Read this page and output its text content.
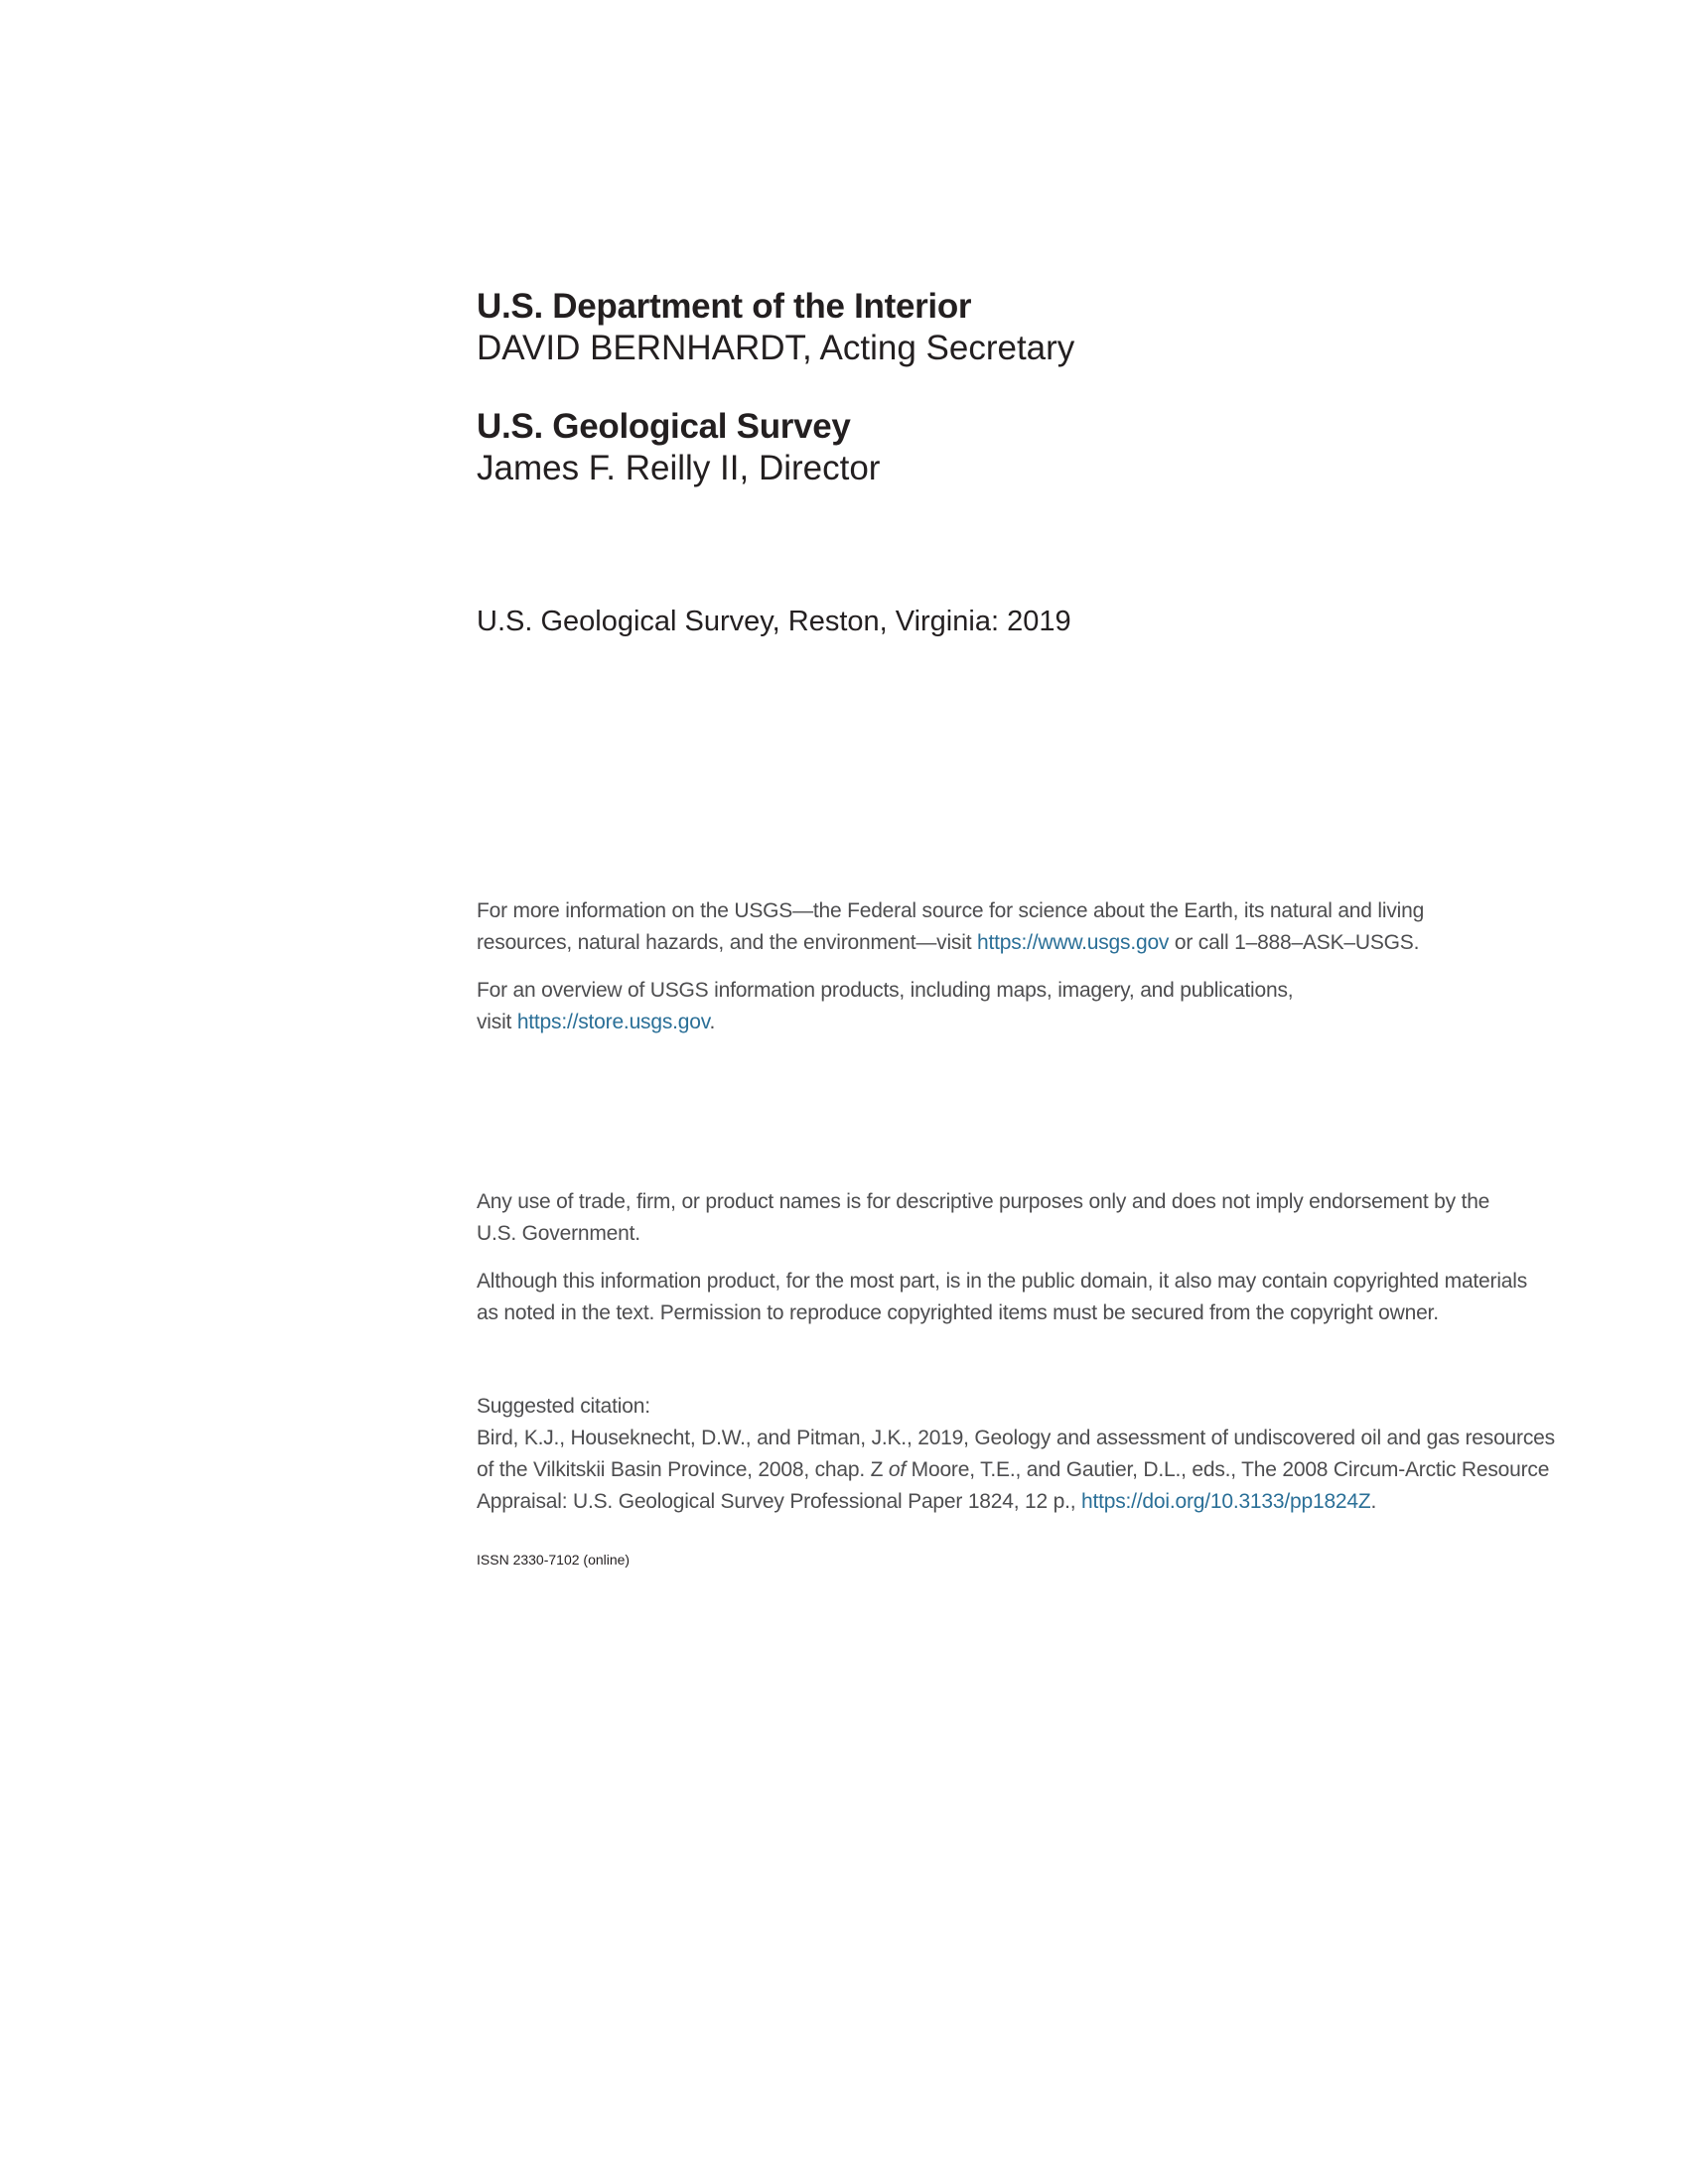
U.S. Department of the Interior
DAVID BERNHARDT, Acting Secretary
U.S. Geological Survey
James F. Reilly II, Director
U.S. Geological Survey, Reston, Virginia: 2019

For more information on the USGS—the Federal source for science about the Earth, its natural and living
resources, natural hazards, and the environment—visit https://www.usgs.gov or call 1–888–ASK–USGS.

For an overview of USGS information products, including maps, imagery, and publications,
visit https://store.usgs.gov.

Any use of trade, firm, or product names is for descriptive purposes only and does not imply endorsement by the
U.S. Government.

Although this information product, for the most part, is in the public domain, it also may contain copyrighted materials
as noted in the text. Permission to reproduce copyrighted items must be secured from the copyright owner.

Suggested citation:
Bird, K.J., Houseknecht, D.W., and Pitman, J.K., 2019, Geology and assessment of undiscovered oil and gas resources
of the Vilkitskii Basin Province, 2008, chap. Z of Moore, T.E., and Gautier, D.L., eds., The 2008 Circum-Arctic Resource
Appraisal: U.S. Geological Survey Professional Paper 1824, 12 p., https://doi.org/10.3133/pp1824Z.

ISSN 2330-7102 (online)
